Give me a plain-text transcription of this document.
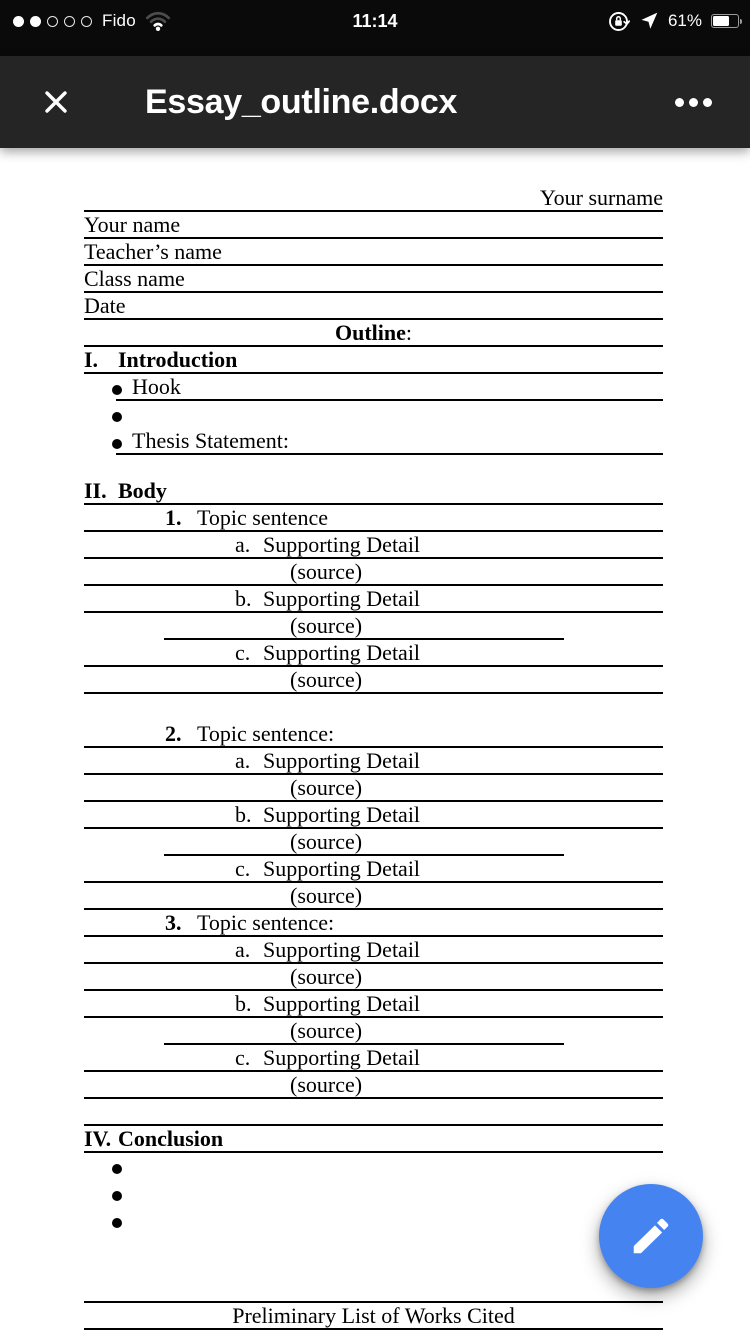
Fido	11:14	61%
Essay_outline.docx
Your surname
Your name
Teacher’s name
Class name
Date
Outline:
I. Introduction
Hook
Thesis Statement:
II. Body
1. Topic sentence
a. Supporting Detail
(source)
b. Supporting Detail
(source)
c. Supporting Detail
(source)
2. Topic sentence:
a. Supporting Detail
(source)
b. Supporting Detail
(source)
c. Supporting Detail
(source)
3. Topic sentence:
a. Supporting Detail
(source)
b. Supporting Detail
(source)
c. Supporting Detail
(source)
IV. Conclusion
Preliminary List of Works Cited
